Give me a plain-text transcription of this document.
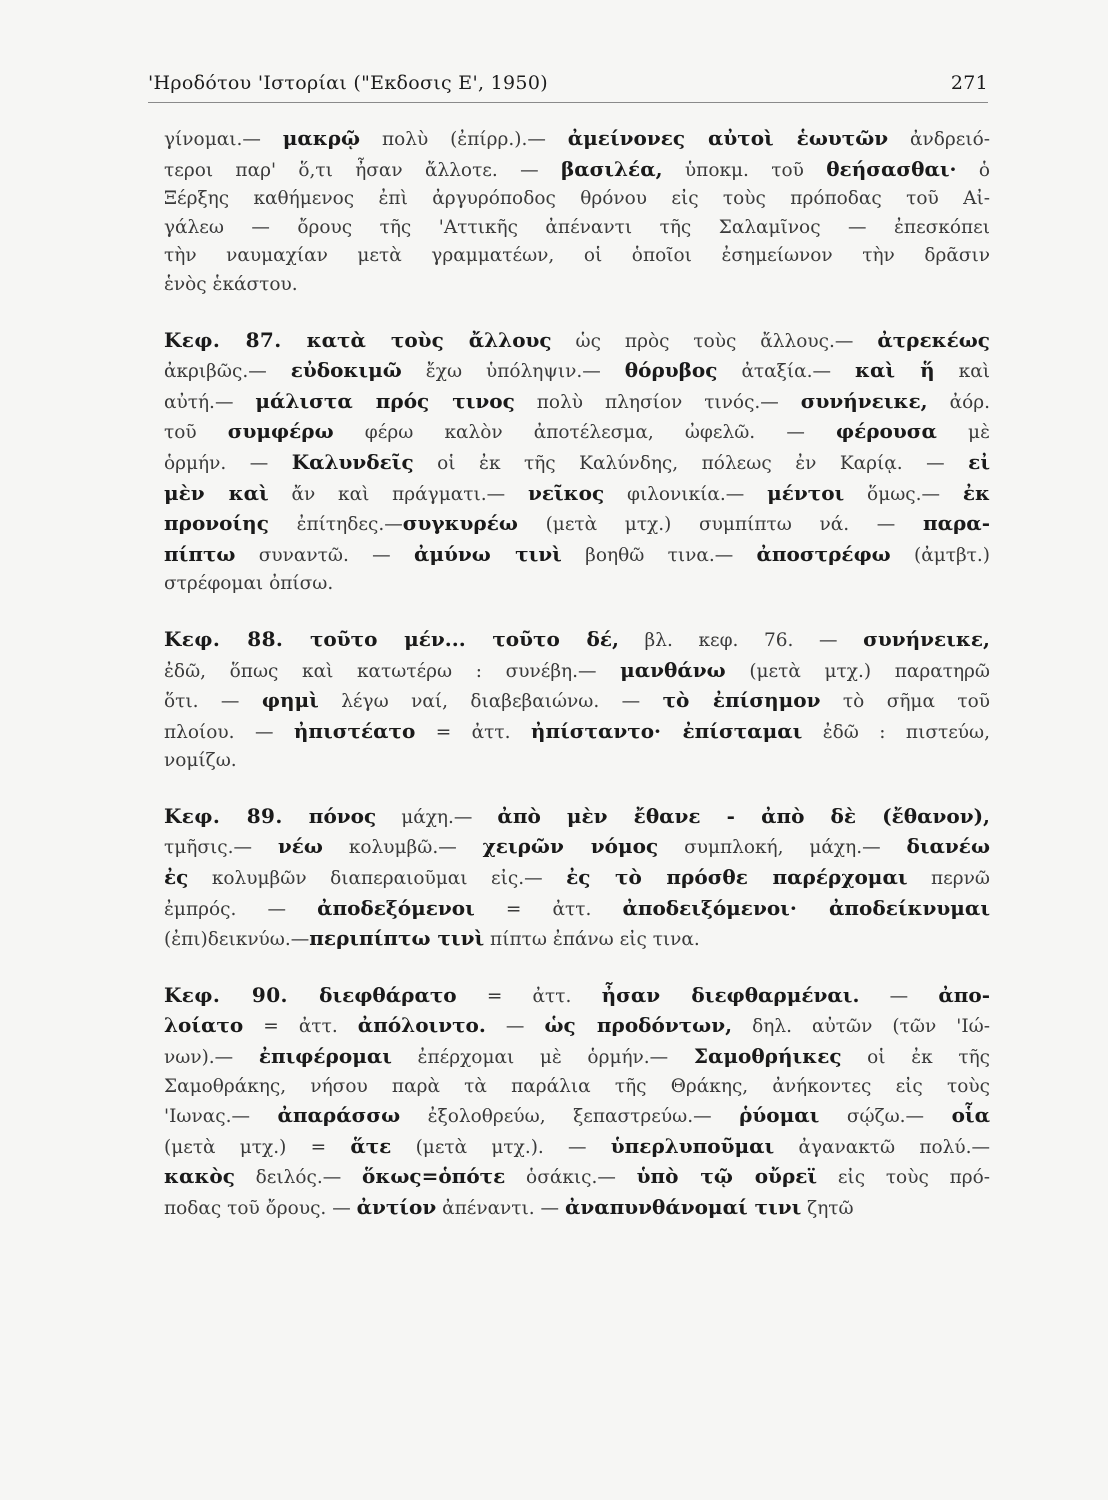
'Ηροδότου 'Ιστορίαι ("Εκδοσις Ε', 1950)	271
γίνομαι.— μακρῷ πολὺ (ἐπίρρ.).— ἀμείνονες αὐτοὶ ἑωυτῶν ἀνδρειό-
τεροι παρ' ὅ,τι ἦσαν ἄλλοτε. — βασιλέα, ὑποκμ. τοῦ θεήσασθαι· ὁ
Ξέρξης καθήμενος ἐπὶ ἀργυρόποδος θρόνου εἰς τοὺς πρόποδας τοῦ Αἰ-
γάλεω — ὄρους τῆς 'Αττικῆς ἀπέναντι τῆς Σαλαμῖνος — ἐπεσκόπει
τὴν ναυμαχίαν μετὰ γραμματέων, οἱ ὁποῖοι ἐσημείωνον τὴν δρᾶσιν
ἑνὸς ἑκάστου.
Κεφ. 87. κατὰ τοὺς ἄλλους ὡς πρὸς τοὺς ἄλλους.— ἀτρεκέως
ἀκριβῶς.— εὐδοκιμῶ ἔχω ὑπόληψιν.— θόρυβος ἀταξία.— καὶ ἥ καὶ
αὐτή.— μάλιστα πρός τινος πολὺ πλησίον τινός.— συνήνεικε, ἀόρ.
τοῦ συμφέρω φέρω καλὸν ἀποτέλεσμα, ὠφελῶ. — φέρουσα μὲ
ὁρμήν. — Καλυνδεῖς οἱ ἐκ τῆς Καλύνδης, πόλεως ἐν Καρίᾳ. — εἰ
μὲν καὶ ἄν καὶ πράγματι.— νεῖκος φιλονικία.— μέντοι ὅμως.— ἐκ
προνοίης ἐπίτηδες.—συγκυρέω (μετὰ μτχ.) συμπίπτω νά. — παρα-
πίπτω συναντῶ. — ἀμύνω τινὶ βοηθῶ τινα.— ἀποστρέφω (ἀμτβτ.)
στρέφομαι ὀπίσω.
Κεφ. 88. τοῦτο μέν... τοῦτο δέ, βλ. κεφ. 76. — συνήνεικε,
ἐδῶ, ὅπως καὶ κατωτέρω : συνέβη.— μανθάνω (μετὰ μτχ.) παρατηρῶ
ὅτι. — φημὶ λέγω ναί, διαβεβαιώνω. — τὸ ἐπίσημον τὸ σῆμα τοῦ
πλοίου. — ἠπιστέατο = ἀττ. ἠπίσταντο· ἐπίσταμαι ἐδῶ : πιστεύω,
νομίζω.
Κεφ. 89. πόνος μάχη.— ἀπὸ μὲν ἔθανε - ἀπὸ δὲ (ἔθανον),
τμῆσις.— νέω κολυμβῶ.— χειρῶν νόμος συμπλοκή, μάχη.— διανέω
ἐς κολυμβῶν διαπεραιοῦμαι εἰς.— ἐς τὸ πρόσθε παρέρχομαι περνῶ
ἐμπρός. — ἀποδεξόμενοι = ἀττ. ἀποδειξόμενοι· ἀποδείκνυμαι
(ἐπι)δεικνύω.—περιπίπτω τινὶ πίπτω ἐπάνω εἰς τινα.
Κεφ. 90. διεφθάρατο = ἀττ. ἦσαν διεφθαρμέναι. — ἀπο-
λοίατο = ἀττ. ἀπόλοιντο. — ὡς προδόντων, δηλ. αὐτῶν (τῶν 'Ιώ-
νων).— ἐπιφέρομαι ἐπέρχομαι μὲ ὁρμήν.— Σαμοθρήικες οἱ ἐκ τῆς
Σαμοθράκης, νήσου παρὰ τὰ παράλια τῆς Θράκης, ἀνήκοντες εἰς τοὺς
'Ιωνας.— ἀπαράσσω ἐξολοθρεύω, ξεπαστρεύω.— ῥύομαι σῴζω.— οἷα
(μετὰ μτχ.) = ἅτε (μετὰ μτχ.). — ὑπερλυποῦμαι ἀγανακτῶ πολύ.—
κακὸς δειλός.— ὅκως=ὁπότε ὁσάκις.— ὑπὸ τῷ οὔρεϊ εἰς τοὺς πρό-
ποδας τοῦ ὄρους. — ἀντίον ἀπέναντι. — ἀναπυνθάνομαί τινι ζητῶ
